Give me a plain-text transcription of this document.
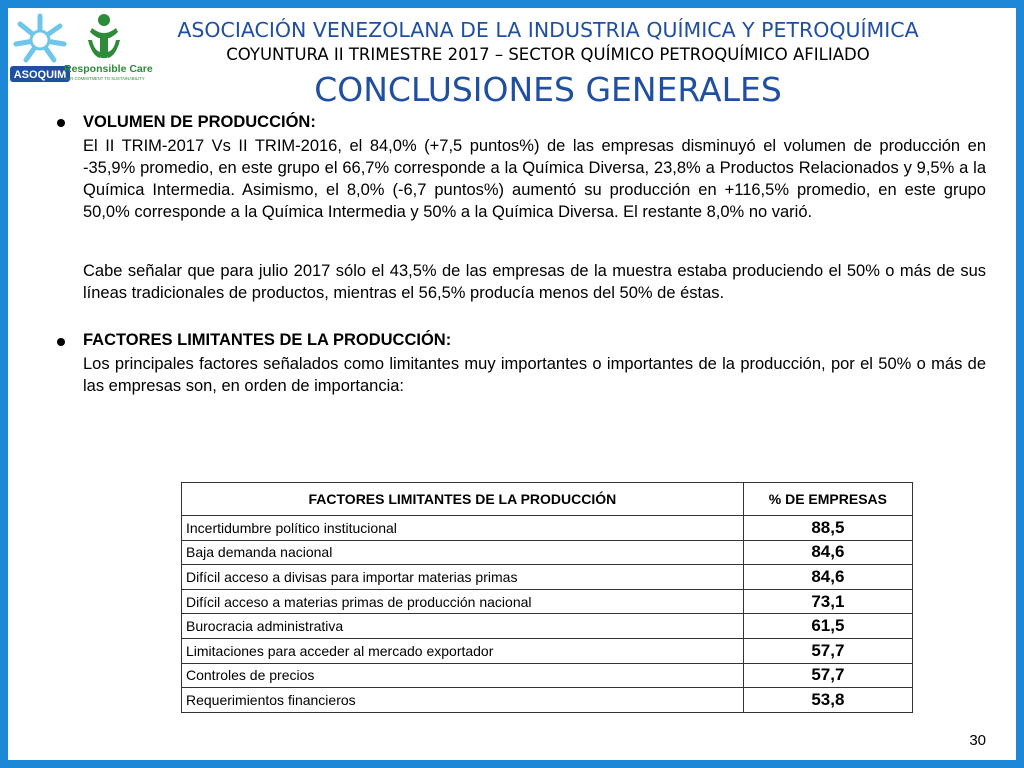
ASOQUIM
Responsible Care
OUR COMMITMENT TO SUSTAINABILITY
ASOCIACIÓN VENEZOLANA DE LA INDUSTRIA QUÍMICA Y PETROQUÍMICA
COYUNTURA II TRIMESTRE 2017 – SECTOR QUÍMICO PETROQUÍMICO AFILIADO
CONCLUSIONES GENERALES
VOLUMEN DE PRODUCCIÓN:

El II TRIM-2017 Vs II TRIM-2016, el 84,0% (+7,5 puntos%) de las empresas disminuyó el volumen de producción en -35,9% promedio, en este grupo el 66,7% corresponde a la Química Diversa, 23,8% a Productos Relacionados y 9,5% a la Química Intermedia. Asimismo, el 8,0% (-6,7 puntos%) aumentó su producción en +116,5% promedio, en este grupo 50,0% corresponde a la Química Intermedia y 50% a la Química Diversa. El restante 8,0% no varió.

Cabe señalar que para julio 2017 sólo el 43,5% de las empresas de la muestra estaba produciendo el 50% o más de sus líneas tradicionales de productos, mientras el 56,5% producía menos del 50% de éstas.

FACTORES LIMITANTES DE LA PRODUCCIÓN:

Los principales factores señalados como limitantes muy importantes o importantes de la producción, por el 50% o más de las empresas son, en orden de importancia:

FACTORES LIMITANTES DE LA PRODUCCIÓN	% DE EMPRESAS
Incertidumbre político institucional	88,5
Baja demanda nacional	84,6
Difícil acceso a divisas para importar materias primas	84,6
Difícil acceso a materias primas de producción nacional	73,1
Burocracia administrativa	61,5
Limitaciones para acceder al mercado exportador	57,7
Controles de precios	57,7
Requerimientos financieros	53,8
30
